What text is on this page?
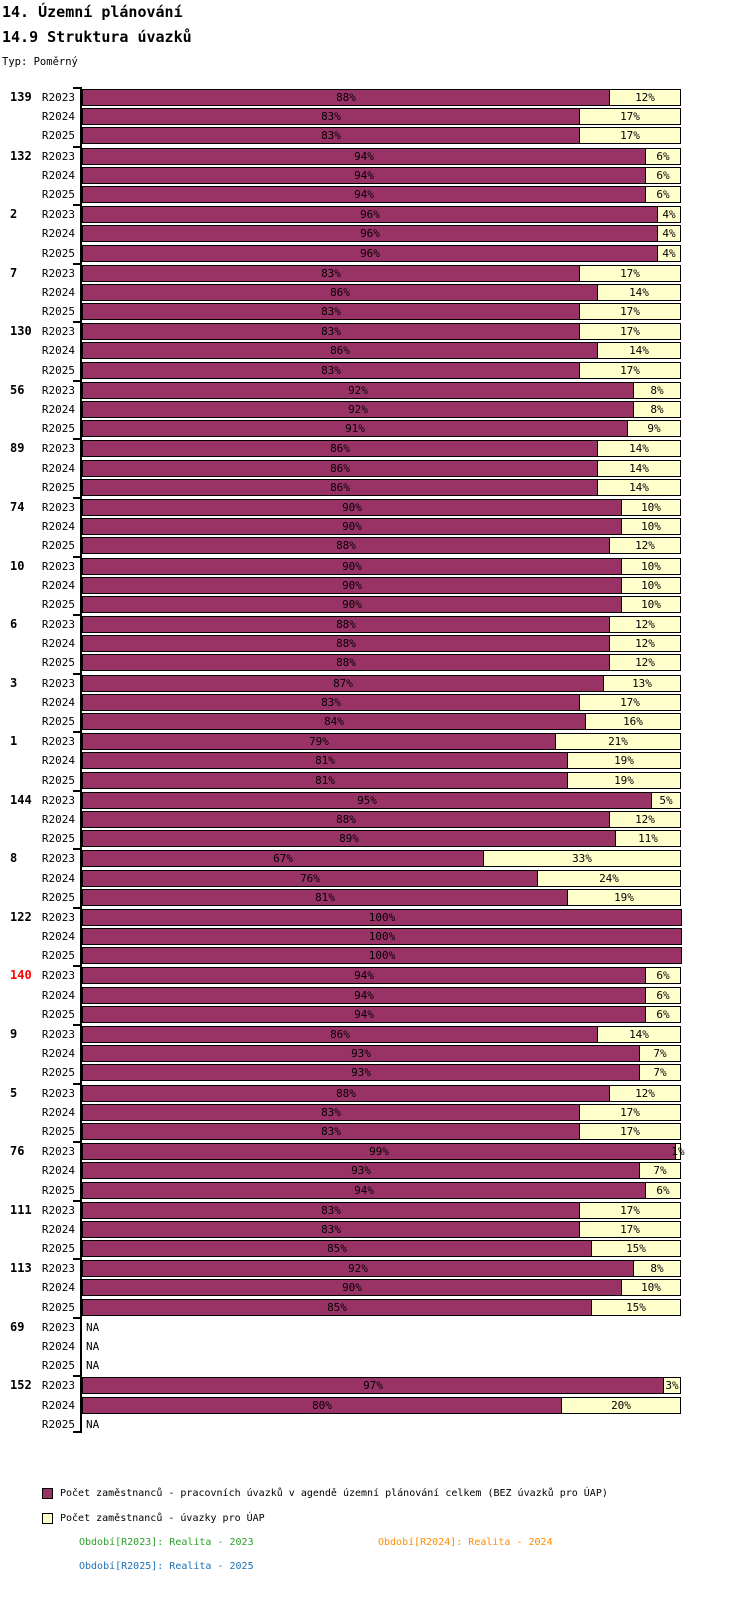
14. Územní plánování
14.9 Struktura úvazků
Typ: Poměrný
139 R2023	88%	12%
R2024	83%	17%
R2025	83%	17%
132 R2023	94%	6%
R2024	94%	6%
R2025	94%	6%
2	R2023	96%	4%
R2024	96%	4%
R2025	96%	4%
7	R2023	83%	17%
R2024	86%	14%
R2025	83%	17%
130 R2023	83%	17%
R2024	86%	14%
R2025	83%	17%
56	R2023	92%	8%
R2024	92%	8%
R2025	91%	9%
89	R2023	86%	14%
R2024	86%	14%
R2025	86%	14%
74	R2023	90%	10%
R2024	90%	10%
R2025	88%	12%
10	R2023	90%	10%
R2024	90%	10%
R2025	90%	10%
6	R2023	88%	12%
R2024	88%	12%
R2025	88%	12%
3	R2023	87%	13%
R2024	83%	17%
R2025	84%	16%
1	R2023	79%	21%
R2024	81%	19%
R2025	81%	19%
144 R2023	95%	5%
R2024	88%	12%
R2025	89%	11%
8	R2023	67%	33%
R2024	76%	24%
R2025	81%	19%
122 R2023	100%
R2024	100%
R2025	100%
140 R2023	94%	6%
R2024	94%	6%
R2025	94%	6%
9	R2023	86%	14%
R2024	93%	7%
R2025	93%	7%
5	R2023	88%	12%
R2024	83%	17%
R2025	83%	17%
76	R2023	99%	1%
R2024	93%	7%
R2025	94%	6%
111 R2023	83%	17%
R2024	83%	17%
R2025	85%	15%
113 R2023	92%	8%
R2024	90%	10%
R2025	85%	15%
69	R2023	NA
R2024	NA
R2025	NA
152 R2023	97%	3%
R2024	80%	20%
R2025	NA
Počet zaměstnanců - pracovních úvazků v agendě územní plánování celkem (BEZ úvazků pro ÚAP)
Počet zaměstnanců - úvazky pro ÚAP
Období[R2023]: Realita - 2023	Období[R2024]: Realita - 2024
Období[R2025]: Realita - 2025
